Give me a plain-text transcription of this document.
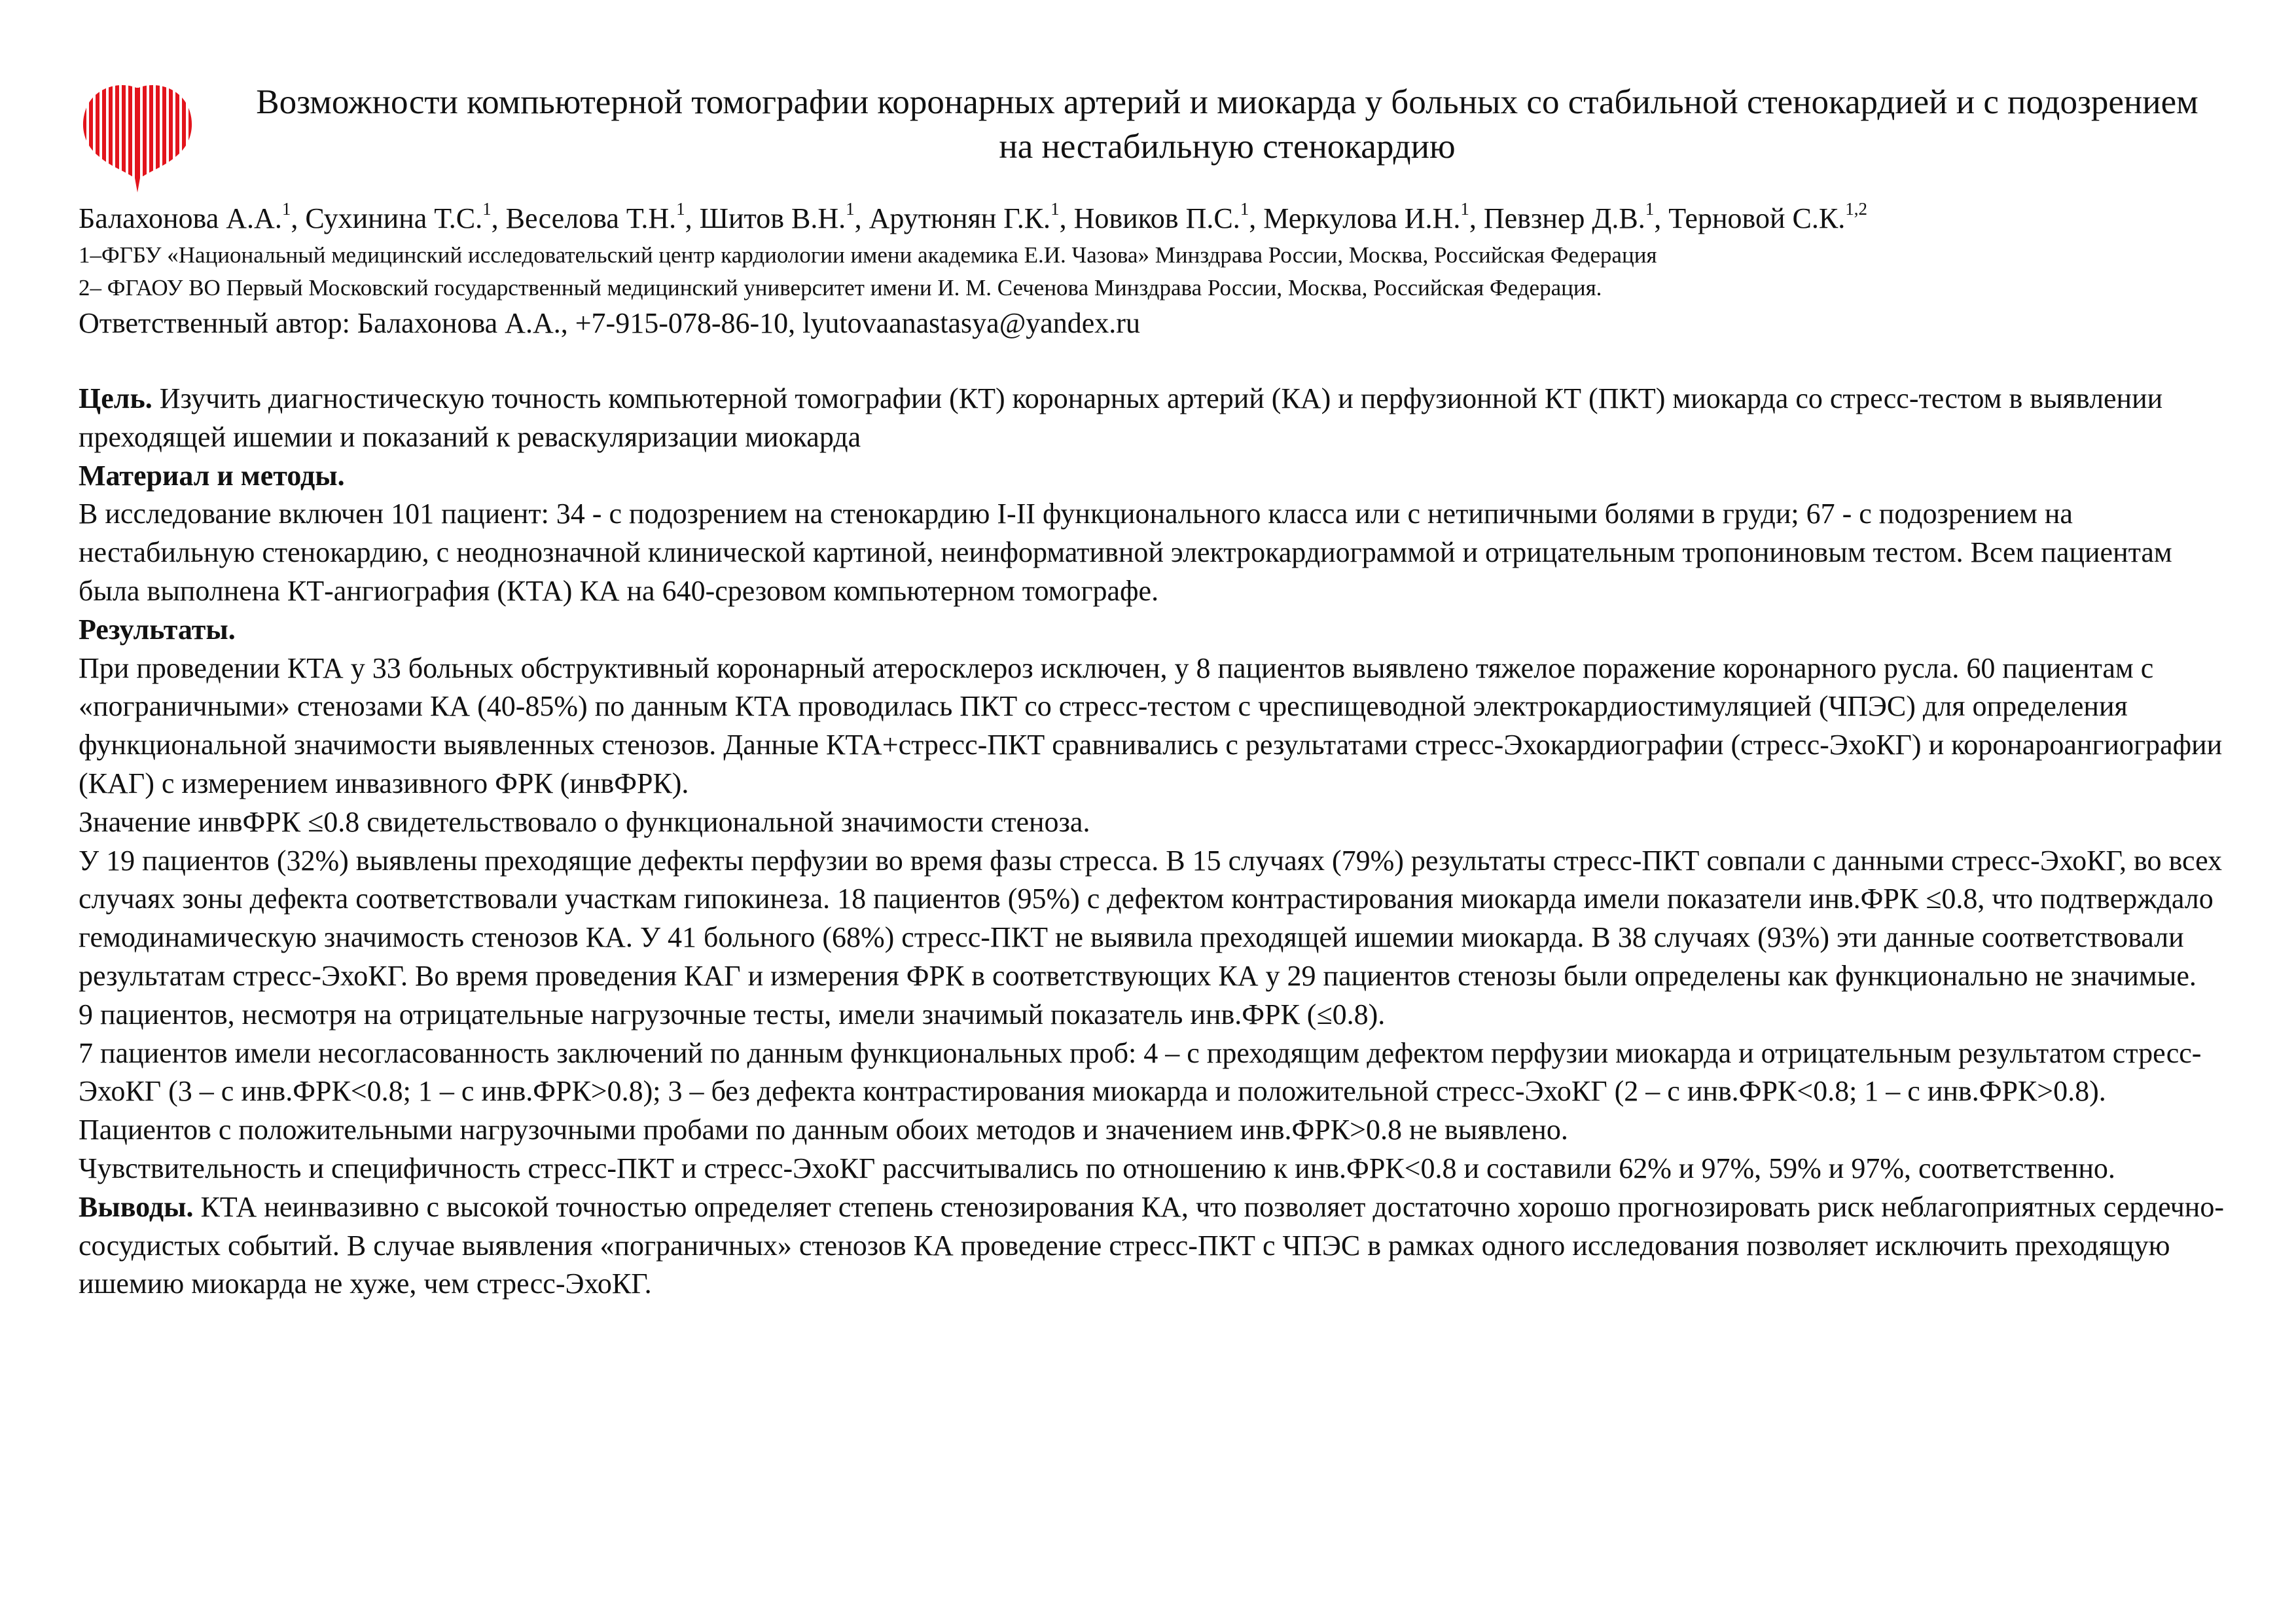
Возможности компьютерной томографии коронарных артерий и миокарда у больных со стабильной стенокардией и с подозрением на нестабильную стенокардию
Балахонова А.А.$^1$, Сухинина Т.С.$^1$, Веселова Т.Н.$^1$, Шитов В.Н.$^1$, Арутюнян Г.К.$^1$, Новиков П.С.$^1$, Меркулова И.Н.$^1$, Певзнер Д.В.$^1$, Терновой С.К.$^{1,2}$
1–ФГБУ «Национальный медицинский исследовательский центр кардиологии имени академика Е.И. Чазова» Минздрава России, Москва, Российская Федерация
2– ФГАОУ ВО Первый Московский государственный медицинский университет имени И. М. Сеченова Минздрава России, Москва, Российская Федерация.
Ответственный автор: Балахонова А.А., +7-915-078-86-10, lyutovaanastasya@yandex.ru

Цель. Изучить диагностическую точность компьютерной томографии (КТ) коронарных артерий (КА) и перфузионной КТ (ПКТ) миокарда со стресс-тестом в выявлении преходящей ишемии и показаний к реваскуляризации миокарда

Материал и методы.

В исследование включен 101 пациент: 34 - с подозрением на стенокардию I-II функционального класса или с нетипичными болями в груди; 67 - с подозрением на нестабильную стенокардию, с неоднозначной клинической картиной, неинформативной электрокардиограммой и отрицательным тропониновым тестом. Всем пациентам была выполнена КТ-ангиография (КТА) КА на 640-срезовом компьютерном томографе.

Результаты.

При проведении КТА у 33 больных обструктивный коронарный атеросклероз исключен, у 8 пациентов выявлено тяжелое поражение коронарного русла. 60 пациентам с «пограничными» стенозами КА (40-85%) по данным КТА проводилась ПКТ со стресс-тестом с чреспищеводной электрокардиостимуляцией (ЧПЭС) для определения функциональной значимости выявленных стенозов. Данные КТА+стресс-ПКТ сравнивались с результатами стресс-Эхокардиографии (стресс-ЭхоКГ) и коронароангиографии (КАГ) с измерением инвазивного ФРК (инвФРК).

Значение инвФРК ≤0.8 свидетельствовало о функциональной значимости стеноза.

У 19 пациентов (32%) выявлены преходящие дефекты перфузии во время фазы стресса. В 15 случаях (79%) результаты стресс-ПКТ совпали с данными стресс-ЭхоКГ, во всех случаях зоны дефекта соответствовали участкам гипокинеза. 18 пациентов (95%) с дефектом контрастирования миокарда имели показатели инв.ФРК ≤0.8, что подтверждало гемодинамическую значимость стенозов КА. У 41 больного (68%) стресс-ПКТ не выявила преходящей ишемии миокарда. В 38 случаях (93%) эти данные соответствовали результатам стресс-ЭхоКГ. Во время проведения КАГ и измерения ФРК в соответствующих КА у 29 пациентов стенозы были определены как функционально не значимые.

9 пациентов, несмотря на отрицательные нагрузочные тесты, имели значимый показатель инв.ФРК (≤0.8).

7 пациентов имели несогласованность заключений по данным функциональных проб: 4 – с преходящим дефектом перфузии миокарда и отрицательным результатом стресс-ЭхоКГ (3 – с инв.ФРК<0.8; 1 – с инв.ФРК>0.8); 3 – без дефекта контрастирования миокарда и положительной стресс-ЭхоКГ (2 – с инв.ФРК<0.8; 1 – с инв.ФРК>0.8).

Пациентов с положительными нагрузочными пробами по данным обоих методов и значением инв.ФРК>0.8 не выявлено.

Чувствительность и специфичность стресс-ПКТ и стресс-ЭхоКГ рассчитывались по отношению к инв.ФРК<0.8 и составили 62% и 97%, 59% и 97%, соответственно.

Выводы. КТА неинвазивно с высокой точностью определяет степень стенозирования КА, что позволяет достаточно хорошо прогнозировать риск неблагоприятных сердечно-сосудистых событий. В случае выявления «пограничных» стенозов КА проведение стресс-ПКТ с ЧПЭС в рамках одного исследования позволяет исключить преходящую ишемию миокарда не хуже, чем стресс-ЭхоКГ.
